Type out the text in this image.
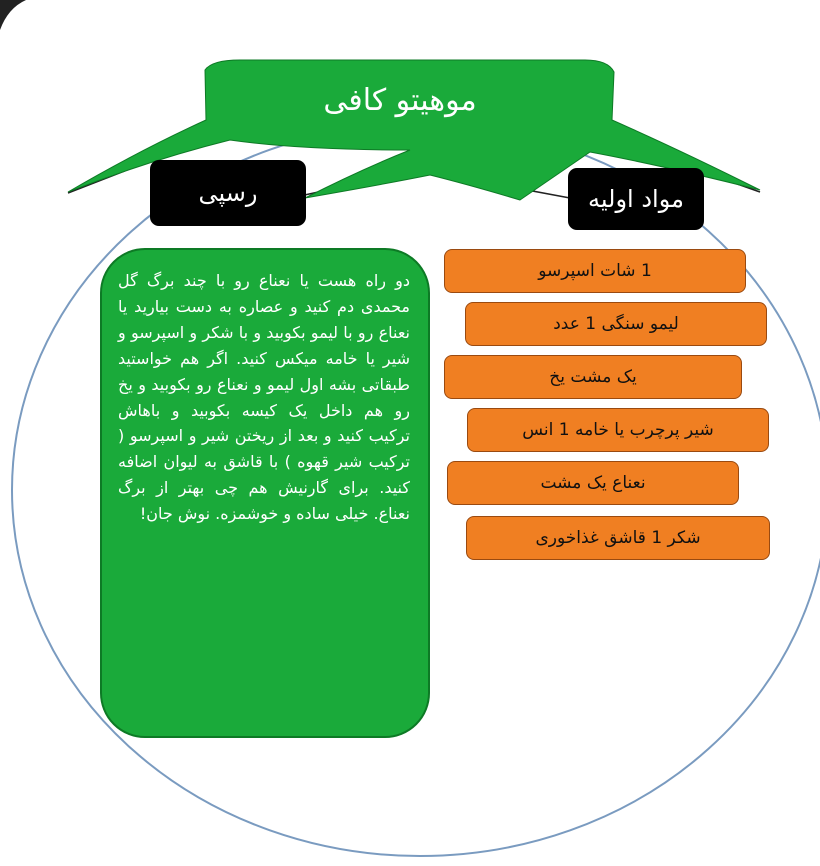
موهیتو کافی
رسپی	مواد اولیه
دو راه هست یا نعناع رو با چند برگ گل محمدی دم کنید و عصاره به دست بیارید یا نعناع رو با لیمو بکوبید و با شکر و اسپرسو و شیر یا خامه میکس کنید. اگر هم خواستید طبقاتی بشه اول لیمو و نعناع رو بکوبید و یخ رو هم داخل یک کیسه بکوبید و باهاش ترکیب کنید و بعد از ریختن شیر و اسپرسو ( ترکیب شیر قهوه ) با قاشق به لیوان اضافه کنید. برای گارنیش هم چی بهتر از برگ نعناع. خیلی ساده و خوشمزه. نوش جان!
1 شات اسپرسو
لیمو سنگی 1 عدد
یک مشت یخ
شیر پرچرب یا خامه 1 انس
نعناع یک مشت
شکر 1 قاشق غذاخوری
